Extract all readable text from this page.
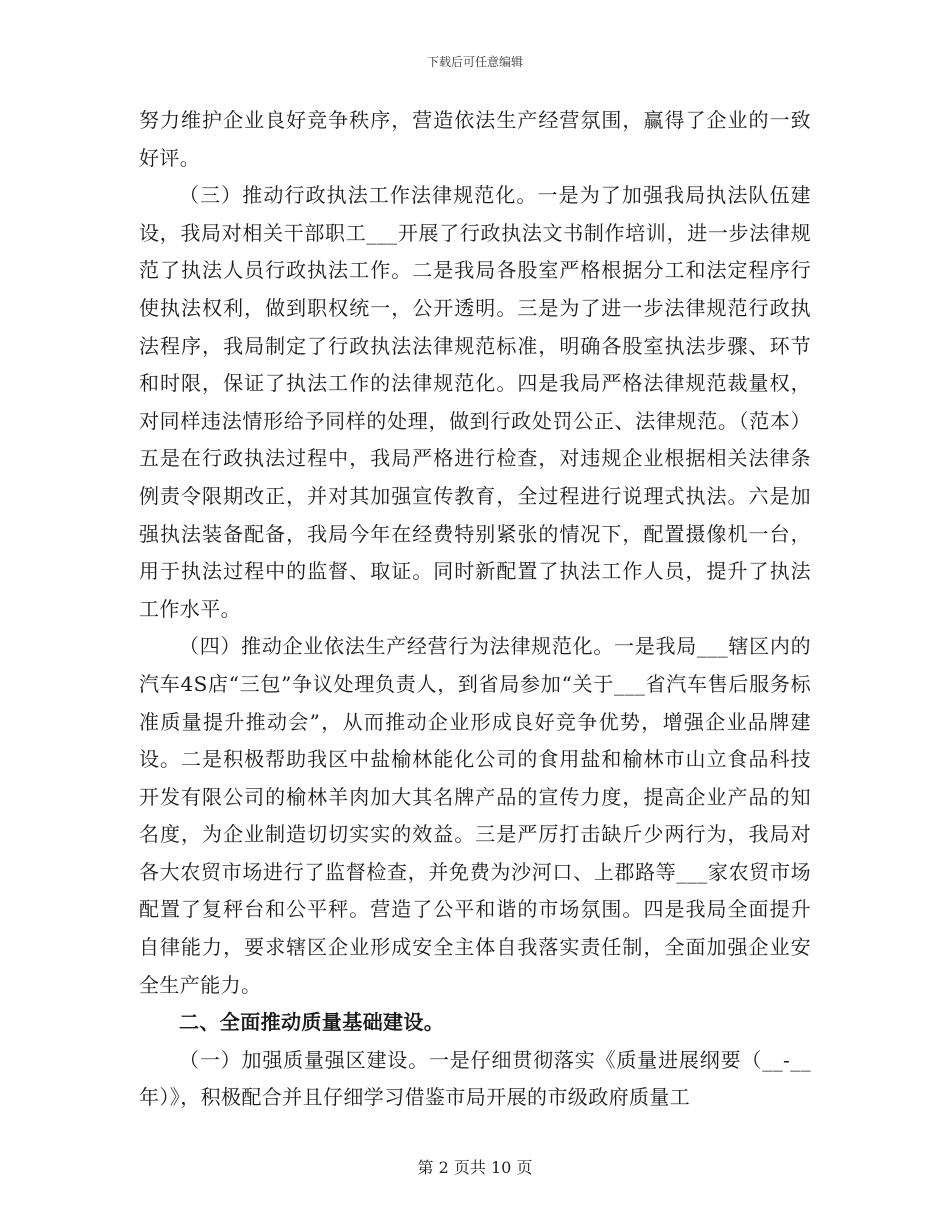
下载后可任意编辑

努力维护企业良好竞争秩序，营造依法生产经营氛围，赢得了企业的一致好评。

（三）推动行政执法工作法律规范化。一是为了加强我局执法队伍建设，我局对相关干部职工___开展了行政执法文书制作培训，进一步法律规范了执法人员行政执法工作。二是我局各股室严格根据分工和法定程序行使执法权利，做到职权统一，公开透明。三是为了进一步法律规范行政执法程序，我局制定了行政执法法律规范标准，明确各股室执法步骤、环节和时限，保证了执法工作的法律规范化。四是我局严格法律规范裁量权，对同样违法情形给予同样的处理，做到行政处罚公正、法律规范。（范本）五是在行政执法过程中，我局严格进行检查，对违规企业根据相关法律条例责令限期改正，并对其加强宣传教育，全过程进行说理式执法。六是加强执法装备配备，我局今年在经费特别紧张的情况下，配置摄像机一台，用于执法过程中的监督、取证。同时新配置了执法工作人员，提升了执法工作水平。

（四）推动企业依法生产经营行为法律规范化。一是我局___辖区内的汽车4S店“三包”争议处理负责人，到省局参加“关于___省汽车售后服务标准质量提升推动会”，从而推动企业形成良好竞争优势，增强企业品牌建设。二是积极帮助我区中盐榆林能化公司的食用盐和榆林市山立食品科技开发有限公司的榆林羊肉加大其名牌产品的宣传力度，提高企业产品的知名度，为企业制造切切实实的效益。三是严厉打击缺斤少两行为，我局对各大农贸市场进行了监督检查，并免费为沙河口、上郡路等___家农贸市场配置了复秤台和公平秤。营造了公平和谐的市场氛围。四是我局全面提升自律能力，要求辖区企业形成安全主体自我落实责任制，全面加强企业安全生产能力。

二、全面推动质量基础建设。

（一）加强质量强区建设。一是仔细贯彻落实《质量进展纲要（__-__年）》，积极配合并且仔细学习借鉴市局开展的市级政府质量工

第 2 页共 10 页
